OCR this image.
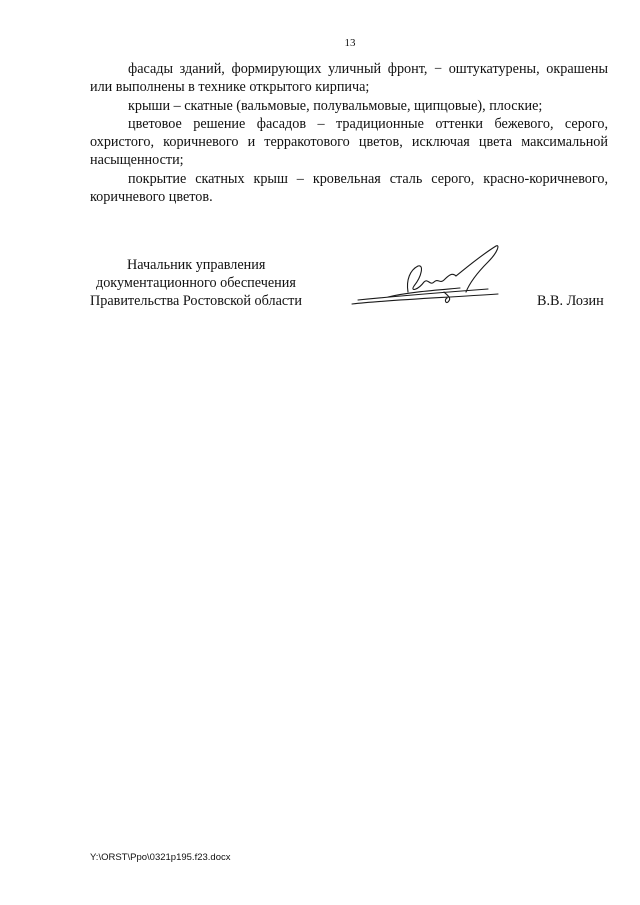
13

фасады зданий, формирующих уличный фронт, − оштукатурены, окрашены или выполнены в технике открытого кирпича;

крыши – скатные (вальмовые, полувальмовые, щипцовые), плоские;

цветовое решение фасадов – традиционные оттенки бежевого, серого, охристого, коричневого и терракотового цветов, исключая цвета максимальной насыщенности;

покрытие скатных крыш – кровельная сталь серого, красно-коричневого, коричневого цветов.

Начальник управления
документационного обеспечения
Правительства Ростовской области	В.В. Лозин
Y:\ORST\Ppo\0321p195.f23.docx
